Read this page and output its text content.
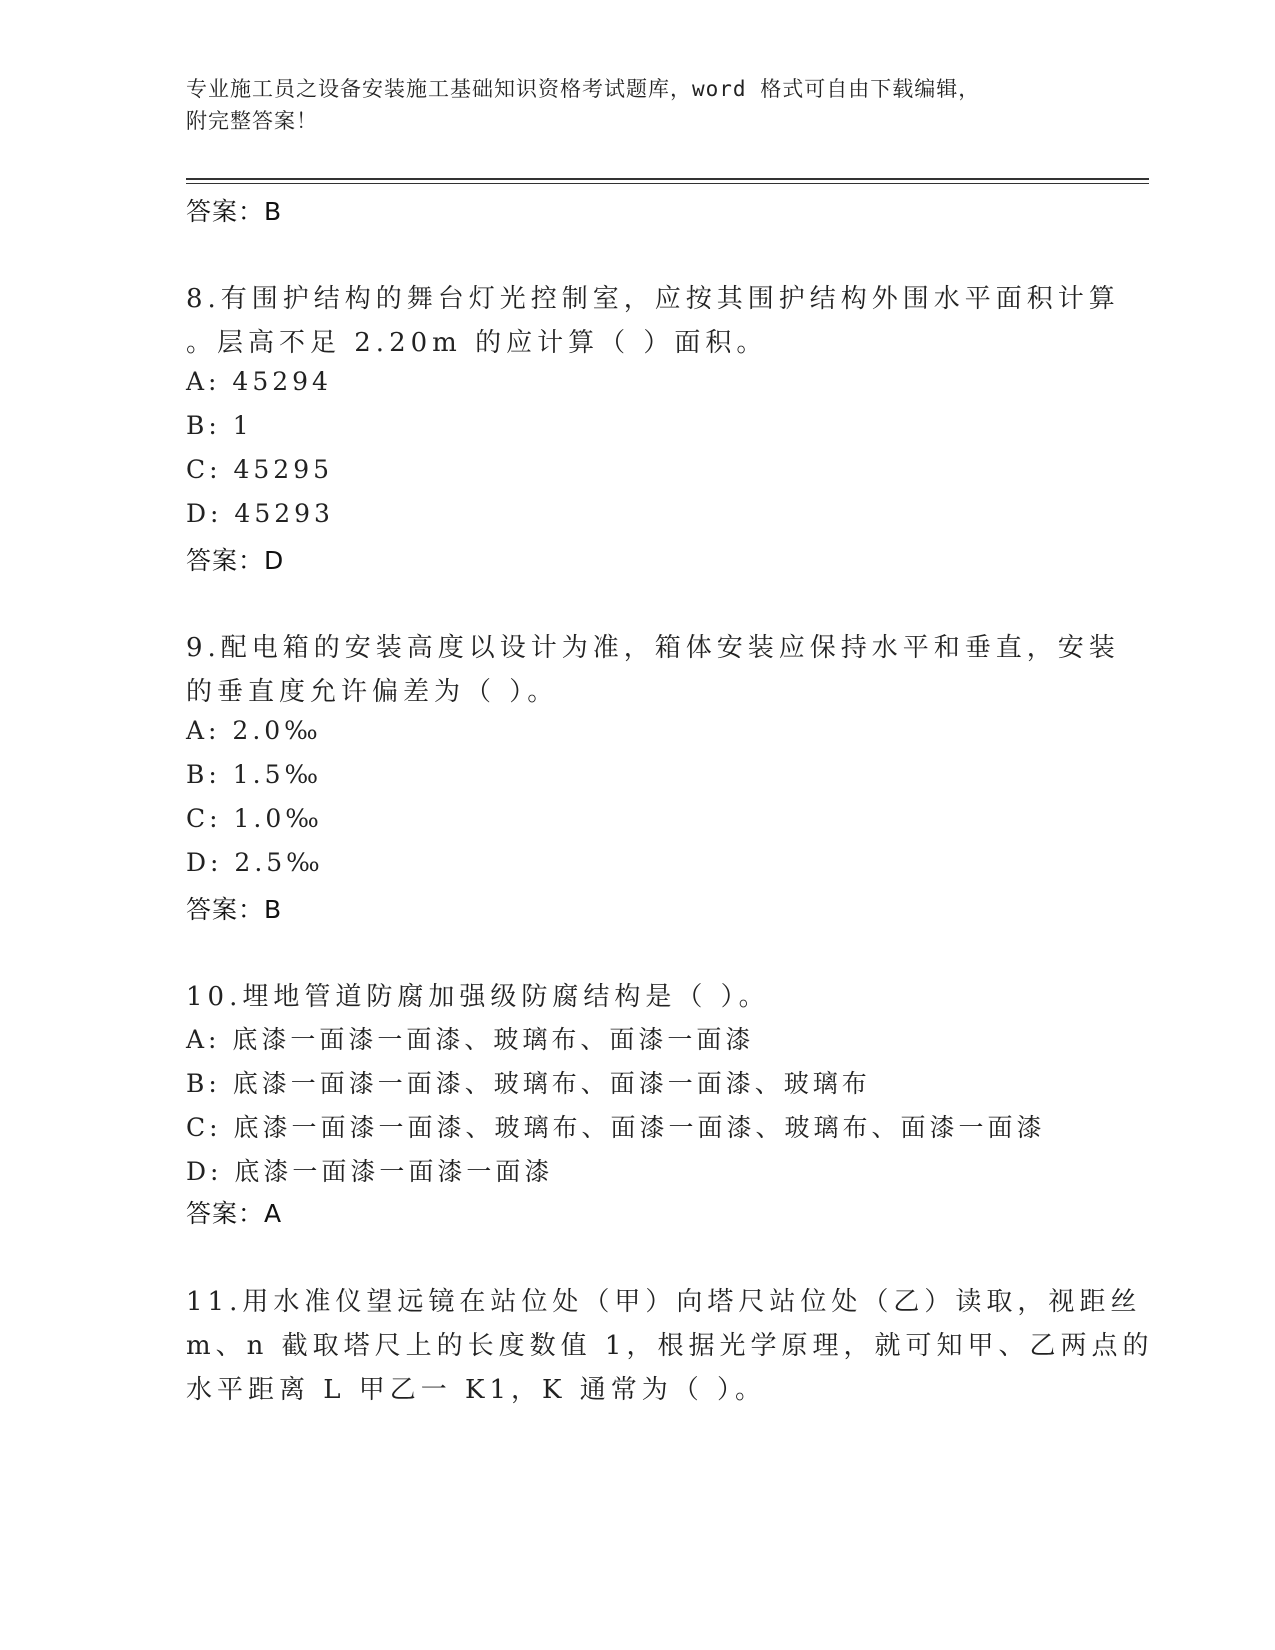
专业施工员之设备安装施工基础知识资格考试题库，word 格式可自由下载编辑，
附完整答案！
答案：B
8.有围护结构的舞台灯光控制室，应按其围护结构外围水平面积计算
。层高不足 2.20m 的应计算（ ）面积。
A: 45294
B: 1
C: 45295
D: 45293
答案：D
9.配电箱的安装高度以设计为准，箱体安装应保持水平和垂直，安装
的垂直度允许偏差为（ ）。
A: 2.0‰
B: 1.5‰
C: 1.0‰
D: 2.5‰
答案：B
10.埋地管道防腐加强级防腐结构是（ ）。
A: 底漆一面漆一面漆、玻璃布、面漆一面漆
B: 底漆一面漆一面漆、玻璃布、面漆一面漆、玻璃布
C: 底漆一面漆一面漆、玻璃布、面漆一面漆、玻璃布、面漆一面漆
D: 底漆一面漆一面漆一面漆
答案：A
11.用水准仪望远镜在站位处（甲）向塔尺站位处（乙）读取，视距丝
m、n 截取塔尺上的长度数值 1，根据光学原理，就可知甲、乙两点的
水平距离 L 甲乙一 K1，K 通常为（ ）。
